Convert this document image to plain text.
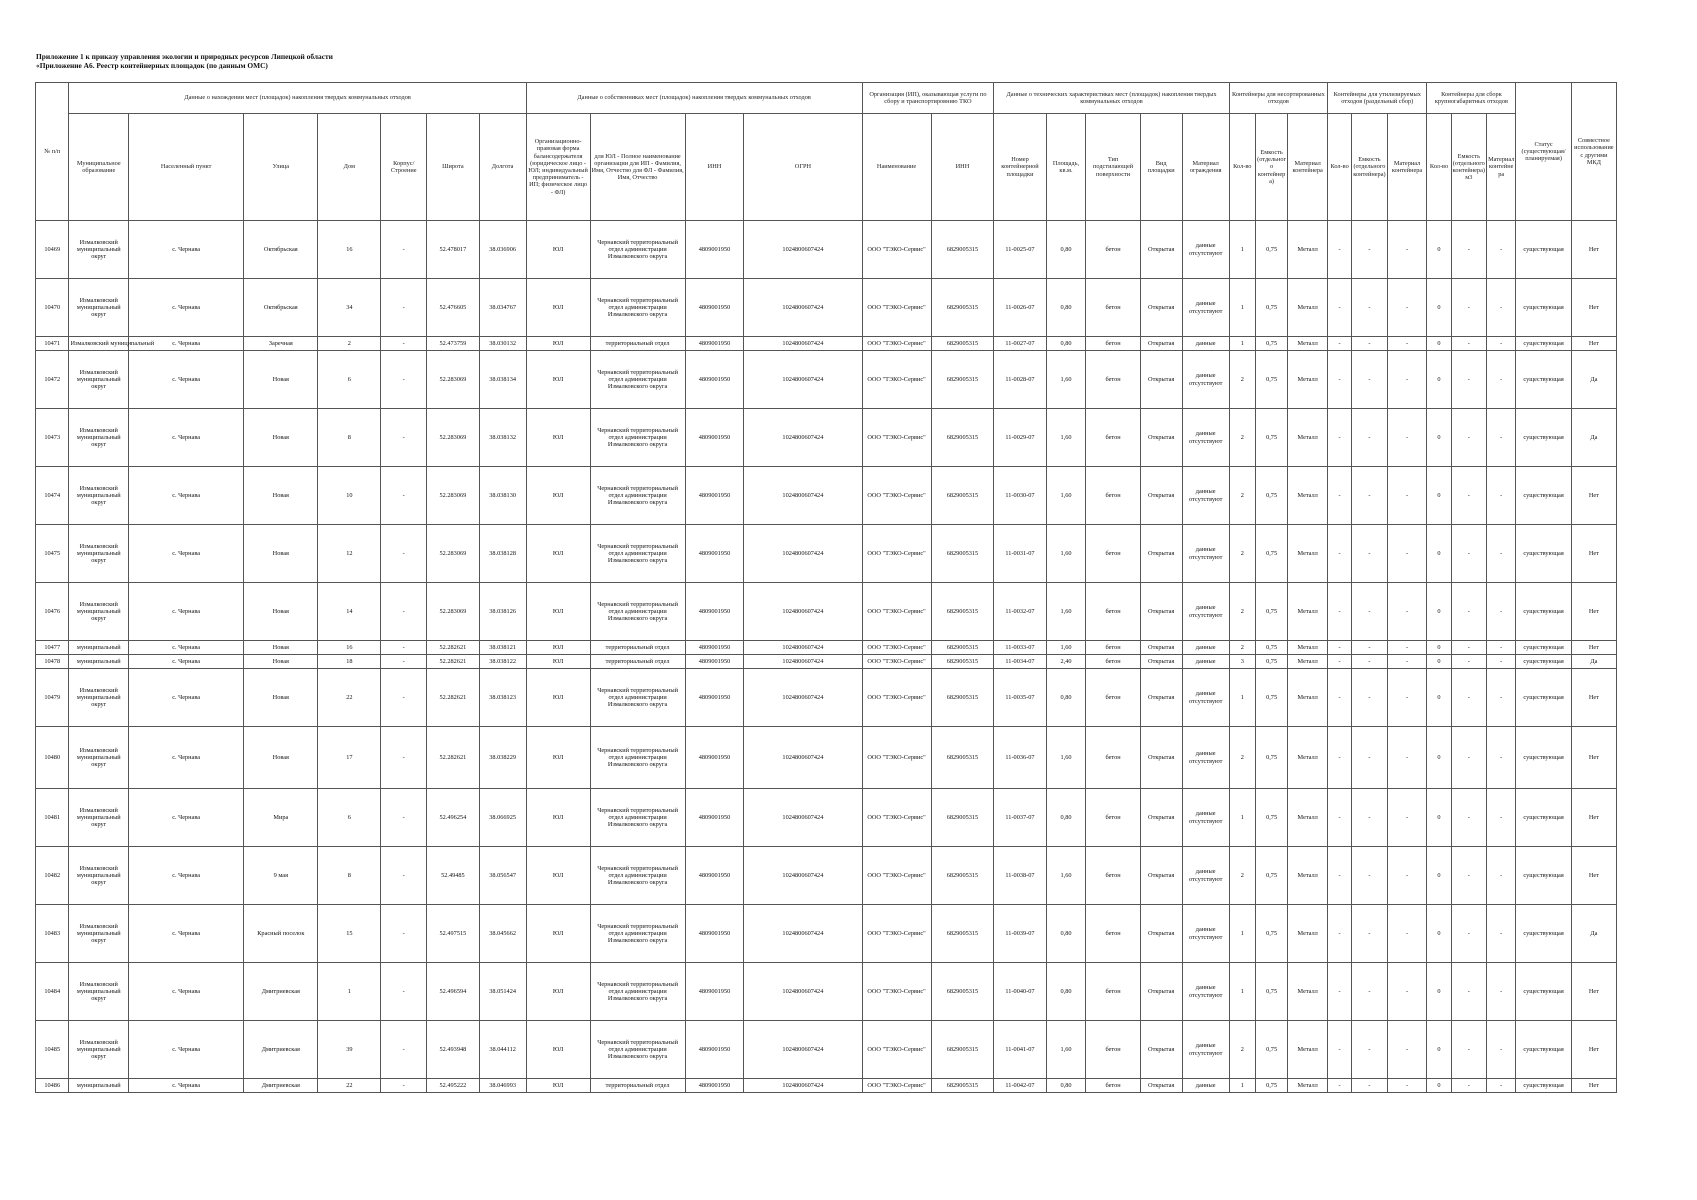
Приложение 1 к приказу управления экологии и природных ресурсов Липецкой области
«Приложение А6. Реестр контейнерных площадок (по данным ОМС)
№ п/п	Данные о нахождении мест (площадок) накопления твердых коммунальных отходов							Данные о собственниках мест (площадок) накопления твердых коммунальных отходов				Организация (ИП), оказывающая услуги по сбору и транспортировнию ТКО		Данные о технических характеристиках мест (площадок) накопления твердых коммунальных отходов					Контейнеры для несортированных отходов			Контейнеры для утилизируемых отходов (раздельный сбор)			Контейнеры для сборк крупногабаритных отходов			Статус (существующая/планируемая)	Совместное использование с другими МКД
	Муниципальное образование	Населенный пункт	Улица	Дом	Корпус/Строение	Широта	Долгота	Организационно-правовая форма балансодержателя (юридическое лицо - ЮЛ; индивидуальный предприниматель - ИП; физическое лицо - ФЛ)	для ЮЛ - Полное наименование организации для ИП - Фамилия, Имя, Отчество для ФЛ - Фамилия, Имя, Отчество	ИНН	ОГРН	Наименование	ИНН	Номер контейнерной площадки	Площадь, кв.м.	Тип подстилающей поверхности	Вид площадки	Материал ограждения	Кол-во	Емкость (отдельного контейнера)	Материал контейнера	Кол-во	Емкость (отдельного контейнера)	Материал контейнера	Кол-во	Емкость (отдельного контейнера) м3	Материал контейнера		
10469	Измалковский муниципальный округ	с. Чернава	Октябрьская	16	-	52.478017	38.036906	ЮЛ	Чернавский территориальный отдел администрации Измалковского округа	4809001950	1024800607424	ООО "ТЭКО-Сервис"	6829005315	11-0025-07	0,80	бетон	Открытая	данные отсутствуют	1	0,75	Металл	-	-	-	0	-	-	существующая	Нет
10470	Измалковский муниципальный округ	с. Чернава	Октябрьская	34	-	52.476605	38.034767	ЮЛ	Чернавский территориальный отдел администрации Измалковского округа	4809001950	1024800607424	ООО "ТЭКО-Сервис"	6829005315	11-0026-07	0,80	бетон	Открытая	данные отсутствуют	1	0,75	Металл	-	-	-	0	-	-	существующая	Нет
10471	Измалковский муниципальный	с. Чернава	Заречная	2	-	52.473759	38.030132	ЮЛ	территориальный отдел	4809001950	1024800607424	ООО "ТЭКО-Сервис"	6829005315	11-0027-07	0,80	бетон	Открытая	данные	1	0,75	Металл	-	-	-	0	-	-	существующая	Нет
10472	Измалковский муниципальный округ	с. Чернава	Новая	6	-	52.283069	38.038134	ЮЛ	Чернавский территориальный отдел администрации Измалковского округа	4809001950	1024800607424	ООО "ТЭКО-Сервис"	6829005315	11-0028-07	1,60	бетон	Открытая	данные отсутствуют	2	0,75	Металл	-	-	-	0	-	-	существующая	Да
10473	Измалковский муниципальный округ	с. Чернава	Новая	8	-	52.283069	38.038132	ЮЛ	Чернавский территориальный отдел администрации Измалковского округа	4809001950	1024800607424	ООО "ТЭКО-Сервис"	6829005315	11-0029-07	1,60	бетон	Открытая	данные отсутствуют	2	0,75	Металл	-	-	-	0	-	-	существующая	Да
10474	Измалковский муниципальный округ	с. Чернава	Новая	10	-	52.283069	38.038130	ЮЛ	Чернавский территориальный отдел администрации Измалковского округа	4809001950	1024800607424	ООО "ТЭКО-Сервис"	6829005315	11-0030-07	1,60	бетон	Открытая	данные отсутствуют	2	0,75	Металл	-	-	-	0	-	-	существующая	Нет
10475	Измалковский муниципальный округ	с. Чернава	Новая	12	-	52.283069	38.038128	ЮЛ	Чернавский территориальный отдел администрации Измалковского округа	4809001950	1024800607424	ООО "ТЭКО-Сервис"	6829005315	11-0031-07	1,60	бетон	Открытая	данные отсутствуют	2	0,75	Металл	-	-	-	0	-	-	существующая	Нет
10476	Измалковский муниципальный округ	с. Чернава	Новая	14	-	52.283069	38.038126	ЮЛ	Чернавский территориальный отдел администрации Измалковского округа	4809001950	1024800607424	ООО "ТЭКО-Сервис"	6829005315	11-0032-07	1,60	бетон	Открытая	данные отсутствуют	2	0,75	Металл	-	-	-	0	-	-	существующая	Нет
10477	муниципальный	с. Чернава	Новая	16	-	52.282621	38.038121	ЮЛ	территориальный отдел	4809001950	1024800607424	ООО "ТЭКО-Сервис"	6829005315	11-0033-07	1,60	бетон	Открытая	данные	2	0,75	Металл	-	-	-	0	-	-	существующая	Нет
10478	муниципальный	с. Чернава	Новая	18	-	52.282621	38.038122	ЮЛ	территориальный отдел	4809001950	1024800607424	ООО "ТЭКО-Сервис"	6829005315	11-0034-07	2,40	бетон	Открытая	данные	3	0,75	Металл	-	-	-	0	-	-	существующая	Да
10479	Измалковский муниципальный округ	с. Чернава	Новая	22	-	52.282621	38.038123	ЮЛ	Чернавский территориальный отдел администрации Измалковского округа	4809001950	1024800607424	ООО "ТЭКО-Сервис"	6829005315	11-0035-07	0,80	бетон	Открытая	данные отсутствуют	1	0,75	Металл	-	-	-	0	-	-	существующая	Нет
10480	Измалковский муниципальный округ	с. Чернава	Новая	17	-	52.282621	38.038229	ЮЛ	Чернавский территориальный отдел администрации Измалковского округа	4809001950	1024800607424	ООО "ТЭКО-Сервис"	6829005315	11-0036-07	1,60	бетон	Открытая	данные отсутствуют	2	0,75	Металл	-	-	-	0	-	-	существующая	Нет
10481	Измалковский муниципальный округ	с. Чернава	Мира	6	-	52.496254	38.066925	ЮЛ	Чернавский территориальный отдел администрации Измалковского округа	4809001950	1024800607424	ООО "ТЭКО-Сервис"	6829005315	11-0037-07	0,80	бетон	Открытая	данные отсутствуют	1	0,75	Металл	-	-	-	0	-	-	существующая	Нет
10482	Измалковский муниципальный округ	с. Чернава	9 мая	8	-	52.49485	38.056547	ЮЛ	Чернавский территориальный отдел администрации Измалковского округа	4809001950	1024800607424	ООО "ТЭКО-Сервис"	6829005315	11-0038-07	1,60	бетон	Открытая	данные отсутствуют	2	0,75	Металл	-	-	-	0	-	-	существующая	Нет
10483	Измалковский муниципальный округ	с. Чернава	Красный поселок	15	-	52.497515	38.045662	ЮЛ	Чернавский территориальный отдел администрации Измалковского округа	4809001950	1024800607424	ООО "ТЭКО-Сервис"	6829005315	11-0039-07	0,80	бетон	Открытая	данные отсутствуют	1	0,75	Металл	-	-	-	0	-	-	существующая	Да
10484	Измалковский муниципальный округ	с. Чернава	Дмитриевская	1	-	52.496594	38.051424	ЮЛ	Чернавский территориальный отдел администрации Измалковского округа	4809001950	1024800607424	ООО "ТЭКО-Сервис"	6829005315	11-0040-07	0,80	бетон	Открытая	данные отсутствуют	1	0,75	Металл	-	-	-	0	-	-	существующая	Нет
10485	Измалковский муниципальный округ	с. Чернава	Дмитриевская	39	-	52.493948	38.044112	ЮЛ	Чернавский территориальный отдел администрации Измалковского округа	4809001950	1024800607424	ООО "ТЭКО-Сервис"	6829005315	11-0041-07	1,60	бетон	Открытая	данные отсутствуют	2	0,75	Металл	-	-	-	0	-	-	существующая	Нет
10486	муниципальный	с. Чернава	Дмитриевская	22	-	52.495222	38.046993	ЮЛ	территориальный отдел	4809001950	1024800607424	ООО "ТЭКО-Сервис"	6829005315	11-0042-07	0,80	бетон	Открытая	данные	1	0,75	Металл	-	-	-	0	-	-	существующая	Нет
